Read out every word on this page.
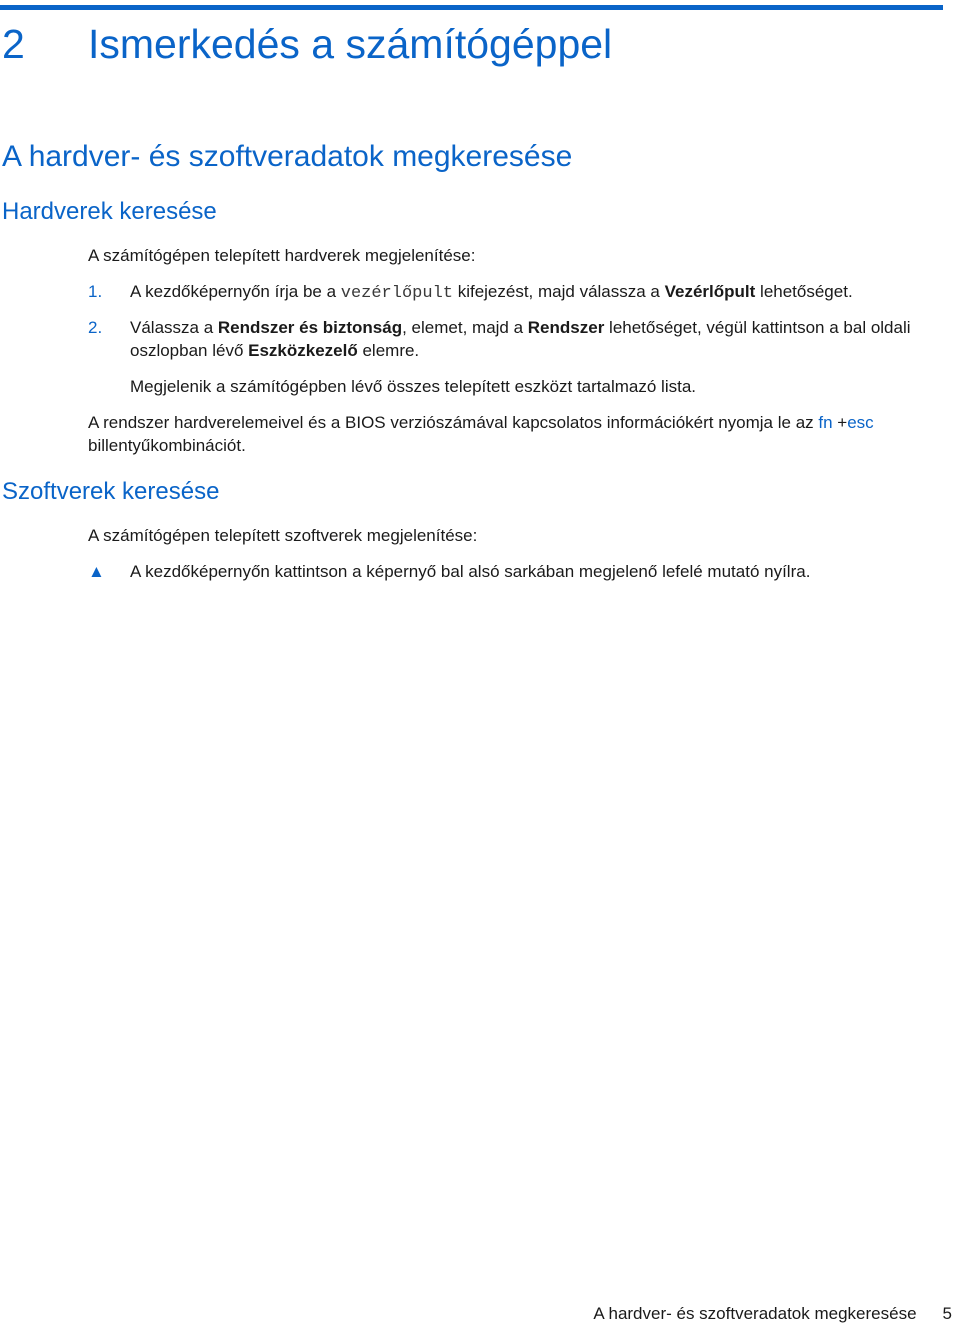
2 Ismerkedés a számítógéppel
A hardver- és szoftveradatok megkeresése
Hardverek keresése

A számítógépen telepített hardverek megjelenítése:

1. A kezdőképernyőn írja be a vezérlőpult kifejezést, majd válassza a Vezérlőpult lehetőséget.
2. Válassza a Rendszer és biztonság, elemet, majd a Rendszer lehetőséget, végül kattintson a bal oldali oszlopban lévő Eszközkezelő elemre.

Megjelenik a számítógépben lévő összes telepített eszközt tartalmazó lista.

A rendszer hardverelemeivel és a BIOS verziószámával kapcsolatos információkért nyomja le az fn +esc billentyűkombinációt.

Szoftverek keresése

A számítógépen telepített szoftverek megjelenítése:

▲ A kezdőképernyőn kattintson a képernyő bal alsó sarkában megjelenő lefelé mutató nyílra.
A hardver- és szoftveradatok megkeresése 5
